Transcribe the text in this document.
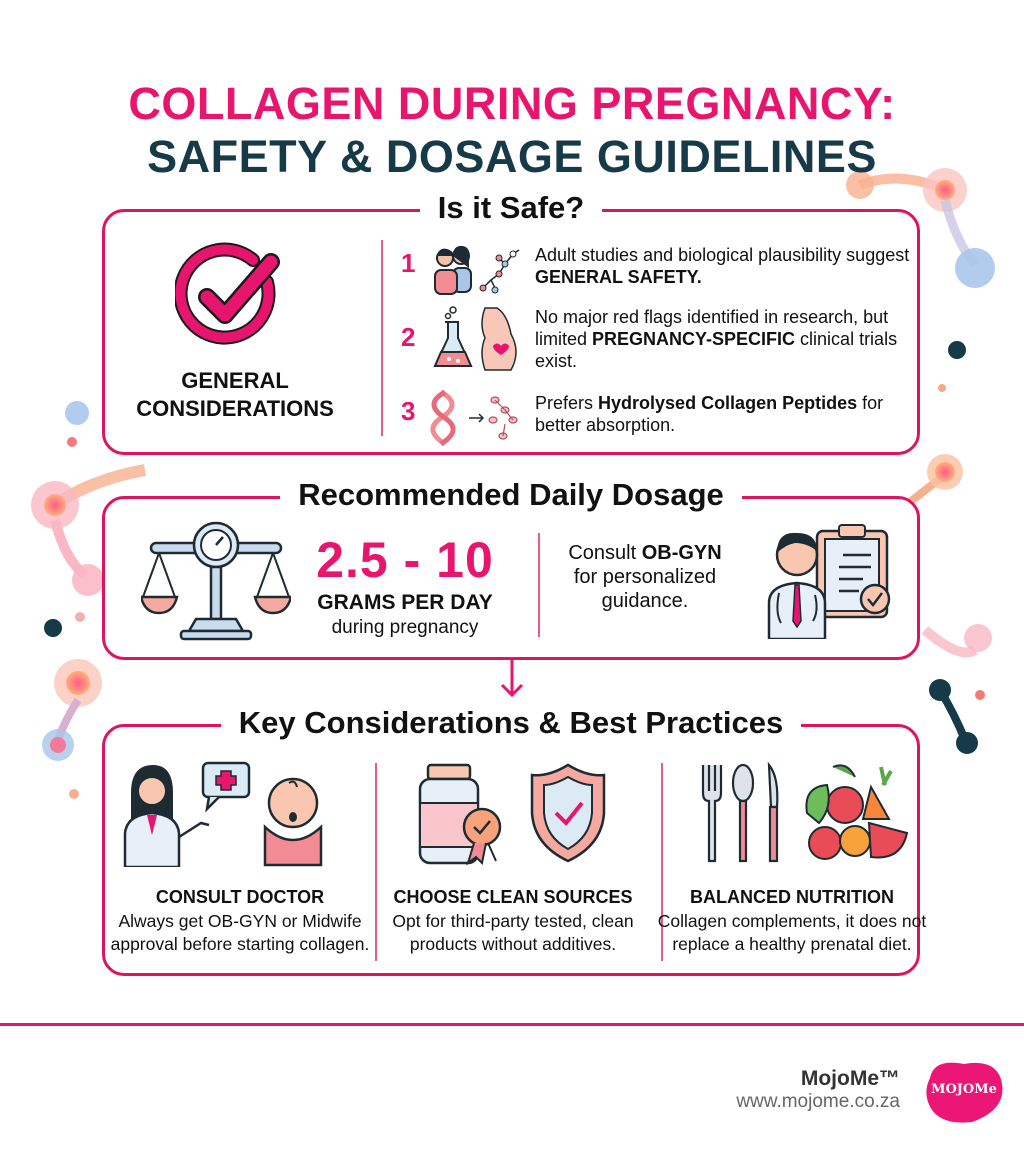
COLLAGEN DURING PREGNANCY:
SAFETY & DOSAGE GUIDELINES
Is it Safe?
GENERAL
CONSIDERATIONS
1	Adult studies and biological plausibility suggest GENERAL SAFETY.
2
No major red flags identified in research, but limited PREGNANCY-SPECIFIC clinical trials exist.
3	Prefers Hydrolysed Collagen Peptides for better absorption.
Recommended Daily Dosage
2.5 - 10
GRAMS PER DAY
during pregnancy
Consult OB-GYN for personalized guidance.
Key Considerations & Best Practices
CONSULT DOCTOR
Always get OB-GYN or Midwife approval before starting collagen.
CHOOSE CLEAN SOURCES
Opt for third-party tested, clean products without additives.
BALANCED NUTRITION
Collagen complements, it does not replace a healthy prenatal diet.
MojoMe™
www.mojome.co.za
MOJOMe
